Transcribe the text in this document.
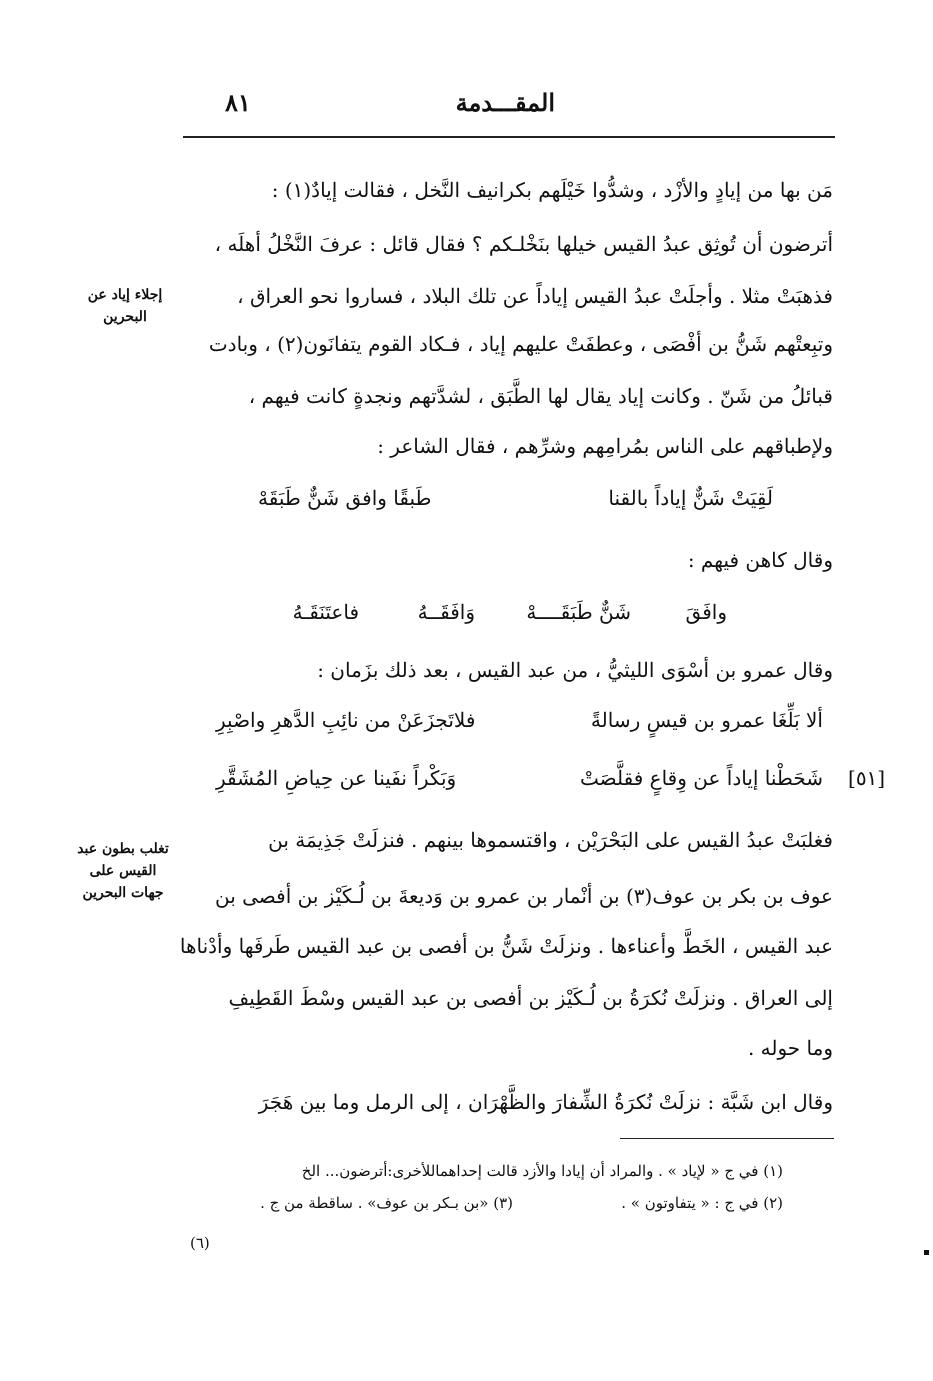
المقـــدمة
٨١
مَن بها من إيادٍ والأزْد ، وشدُّوا خَيْلَهم بكرانيف النَّخل ، فقالت إيادٌ(١) :
أترضون أن تُوثِق عبدُ القيس خيلها بنَخْلـكم ؟ فقال قائل : عرفَ النَّخْلُ أهلَه ،
فذهبَتْ مثلا . وأجلَتْ عبدُ القيس إياداً عن تلك البلاد ، فساروا نحو العراق ،
وتبِعتْهم شَنُّ بن أفْصَى ، وعطفَتْ عليهم إياد ، فـكاد القوم يتفانَون(٢) ، وبادت
قبائلُ من شَنّ . وكانت إياد يقال لها الطَّبَق ، لشدَّتهم ونجدةٍ كانت فيهم ،
ولإطباقهم على الناس بمُرامِهم وشرِّهم ، فقال الشاعر :
لَقِيَتْ شَنٌّ إياداً بالقنا
طَبقًا وافق شَنٌّ طَبَقَهْ
وقال كاهن فيهم :
وافَقَ
شَنٌّ طَبَقَــــهْ
وَافَقَــهُ
فاعتَنَقَـهُ
وقال عمرو بن أسْوَى الليثيُّ ، من عبد القيس ، بعد ذلك بزَمان :
ألا بَلِّغَا عمرو بن قيسٍ رسالةً
فلاتَجزَعَنْ من نائِبِ الدَّهرِ واصْبِرِ
شَحَطْنا إياداً عن وِقاعٍ فقلَّصَتْ
وَبَكْراً نفَينا عن حِياضِ المُشَقَّرِ	[٥١]
فغلبَتْ عبدُ القيس على البَحْرَيْن ، واقتسموها بينهم . فنزلَتْ جَذِيمَة بن
عوف بن بكر بن عوف(٣) بن أنْمار بن عمرو بن وَديعةَ بن لُـكَيْز بن أفصى بن
عبد القيس ، الخَطَّ وأعناءها . ونزلَتْ شَنُّ بن أفصى بن عبد القيس طَرفَها وأدْناها
إلى العراق . ونزلَتْ نُكرَةُ بن لُـكَيْز بن أفصى بن عبد القيس وسْطَ القَطِيفِ
وما حوله .
وقال ابن شَبَّة : نزلَتْ نُكرَةُ الشِّفارَ والظَّهْرَان ، إلى الرمل وما بين هَجَرَ
إجلاء إياد عن
البحرين
تغلب بطون عبد
القيس على
جهات البحرين
(١) في ج « لإياد » . والمراد أن إيادا والأزد قالت إحداهماللأخرى:أترضون... الخ
(٢) في ج : « يتفاوتون » .
(٣) «بن بـكر بن عوف» . ساقطة من ج .
(٦)
